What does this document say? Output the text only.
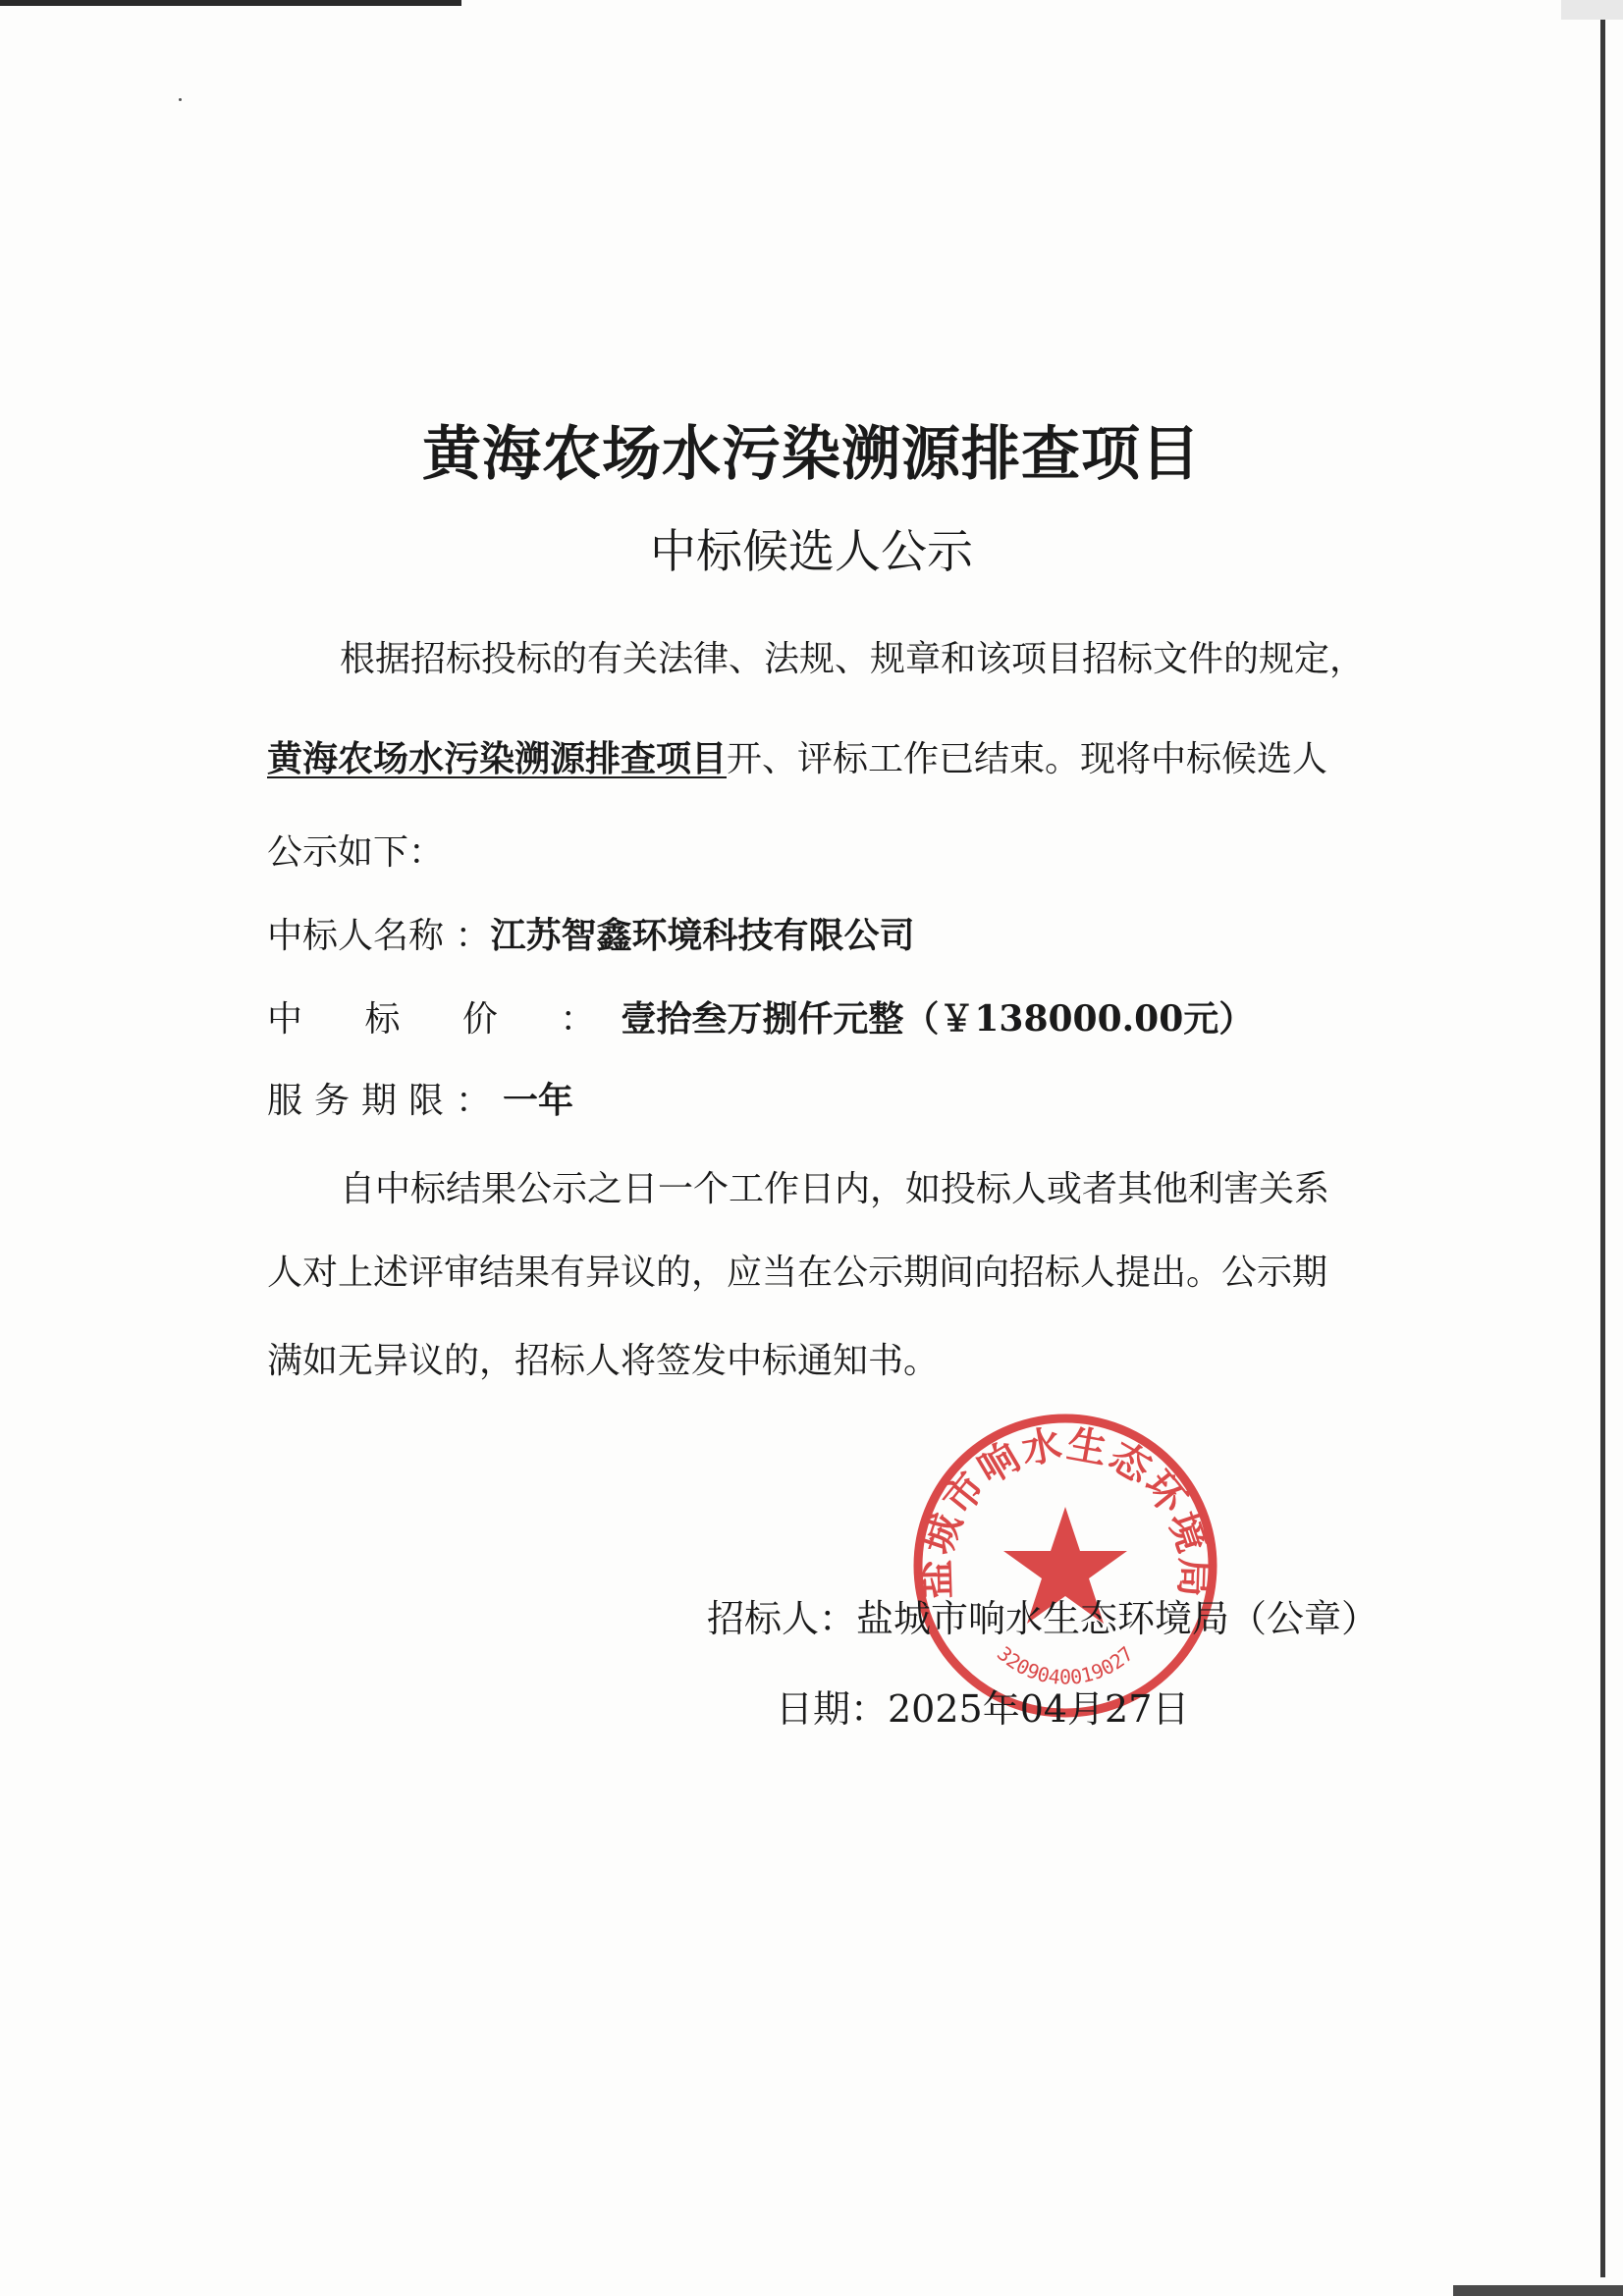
黄海农场水污染溯源排查项目
中标候选人公示
根据招标投标的有关法律、法规、规章和该项目招标文件的规定，
黄海农场水污染溯源排查项目开、评标工作已结束。现将中标候选人
公示如下：
中标人名称 ：江苏智鑫环境科技有限公司
中 标 价 ：壹拾叁万捌仟元整（￥138000.00元）
服务期限：一年
自中标结果公示之日一个工作日内，如投标人或者其他利害关系
人对上述评审结果有异议的，应当在公示期间向招标人提出。公示期
满如无异议的，招标人将签发中标通知书。
盐城市响水生态环境局
3209040019027
招标人：盐城市响水生态环境局（公章）
日期：2025年04月27日
